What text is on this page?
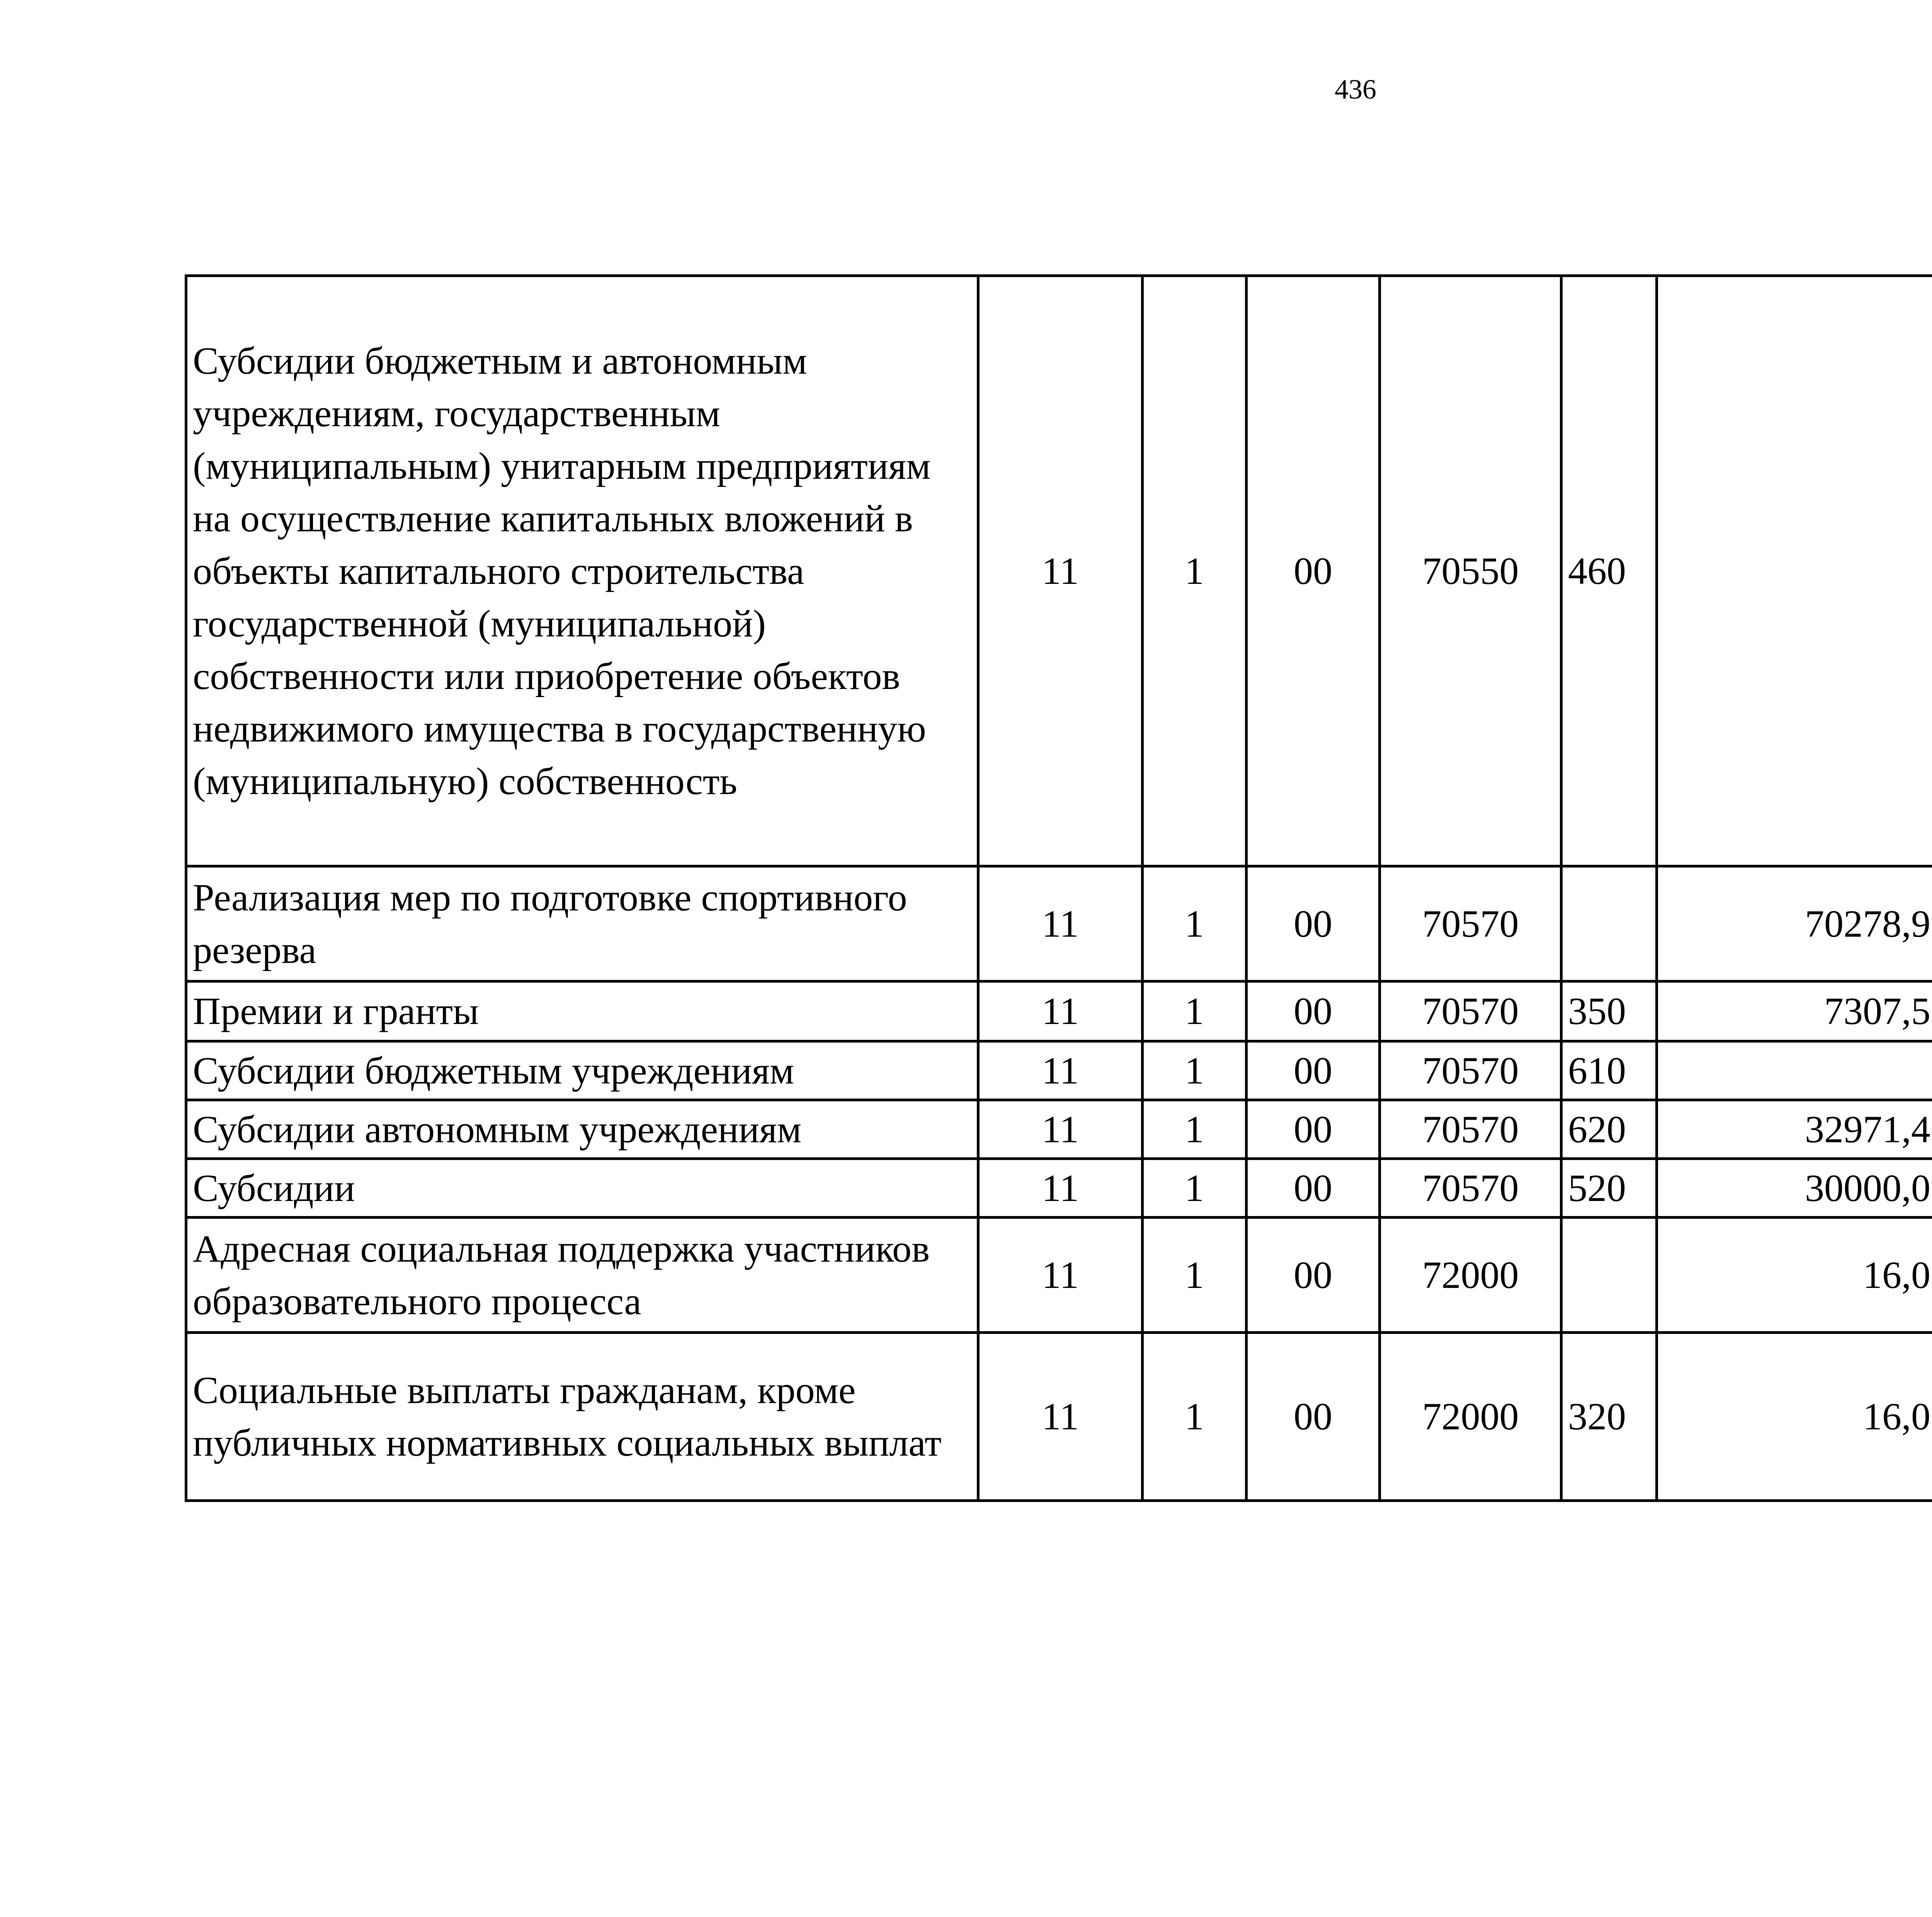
436
Субсидии бюджетным и автономным учреждениям, государственным (муниципальным) унитарным предприятиям на осуществление капитальных вложений в объекты капитального строительства государственной (муниципальной) собственности или приобретение объектов недвижимого имущества в государственную (муниципальную) собственность	11	1	00	70550	460			
Реализация мер по подготовке спортивного резерва	11	1	00	70570		70278,9		
Премии и гранты	11	1	00	70570	350	7307,5		
Субсидии бюджетным учреждениям	11	1	00	70570	610			
Субсидии автономным учреждениям	11	1	00	70570	620	32971,4		
Субсидии	11	1	00	70570	520	30000,0		
Адресная социальная поддержка участников образовательного процесса	11	1	00	72000		16,0		
Социальные выплаты гражданам, кроме публичных нормативных социальных выплат	11	1	00	72000	320	16,0		
